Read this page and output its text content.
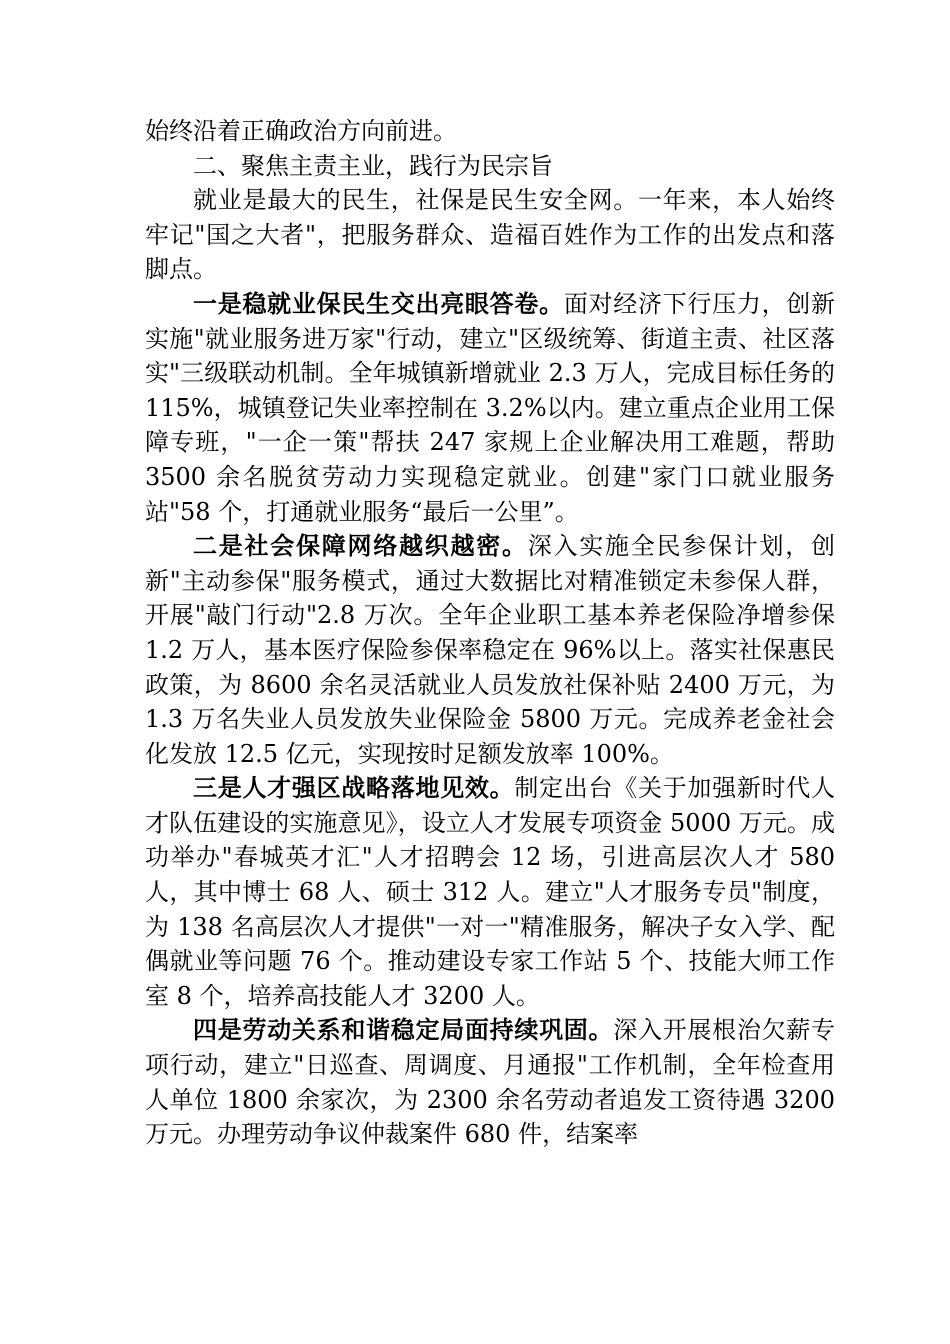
始终沿着正确政治方向前进。

二、聚焦主责主业，践行为民宗旨

就业是最大的民生，社保是民生安全网。一年来，本人始终牢记"国之大者"，把服务群众、造福百姓作为工作的出发点和落脚点。

一是稳就业保民生交出亮眼答卷。面对经济下行压力，创新实施"就业服务进万家"行动，建立"区级统筹、街道主责、社区落实"三级联动机制。全年城镇新增就业 2.3 万人，完成目标任务的 115%，城镇登记失业率控制在 3.2%以内。建立重点企业用工保障专班，"一企一策"帮扶 247 家规上企业解决用工难题，帮助 3500 余名脱贫劳动力实现稳定就业。创建"家门口就业服务站"58 个，打通就业服务“最后一公里”。

二是社会保障网络越织越密。深入实施全民参保计划，创新"主动参保"服务模式，通过大数据比对精准锁定未参保人群，开展"敲门行动"2.8 万次。全年企业职工基本养老保险净增参保 1.2 万人，基本医疗保险参保率稳定在 96%以上。落实社保惠民政策，为 8600 余名灵活就业人员发放社保补贴 2400 万元，为 1.3 万名失业人员发放失业保险金 5800 万元。完成养老金社会化发放 12.5 亿元，实现按时足额发放率 100%。

三是人才强区战略落地见效。制定出台《关于加强新时代人才队伍建设的实施意见》，设立人才发展专项资金 5000 万元。成功举办"春城英才汇"人才招聘会 12 场，引进高层次人才 580 人，其中博士 68 人、硕士 312 人。建立"人才服务专员"制度，为 138 名高层次人才提供"一对一"精准服务，解决子女入学、配偶就业等问题 76 个。推动建设专家工作站 5 个、技能大师工作室 8 个，培养高技能人才 3200 人。

四是劳动关系和谐稳定局面持续巩固。深入开展根治欠薪专项行动，建立"日巡查、周调度、月通报"工作机制，全年检查用人单位 1800 余家次，为 2300 余名劳动者追发工资待遇 3200 万元。办理劳动争议仲裁案件 680 件，结案率
